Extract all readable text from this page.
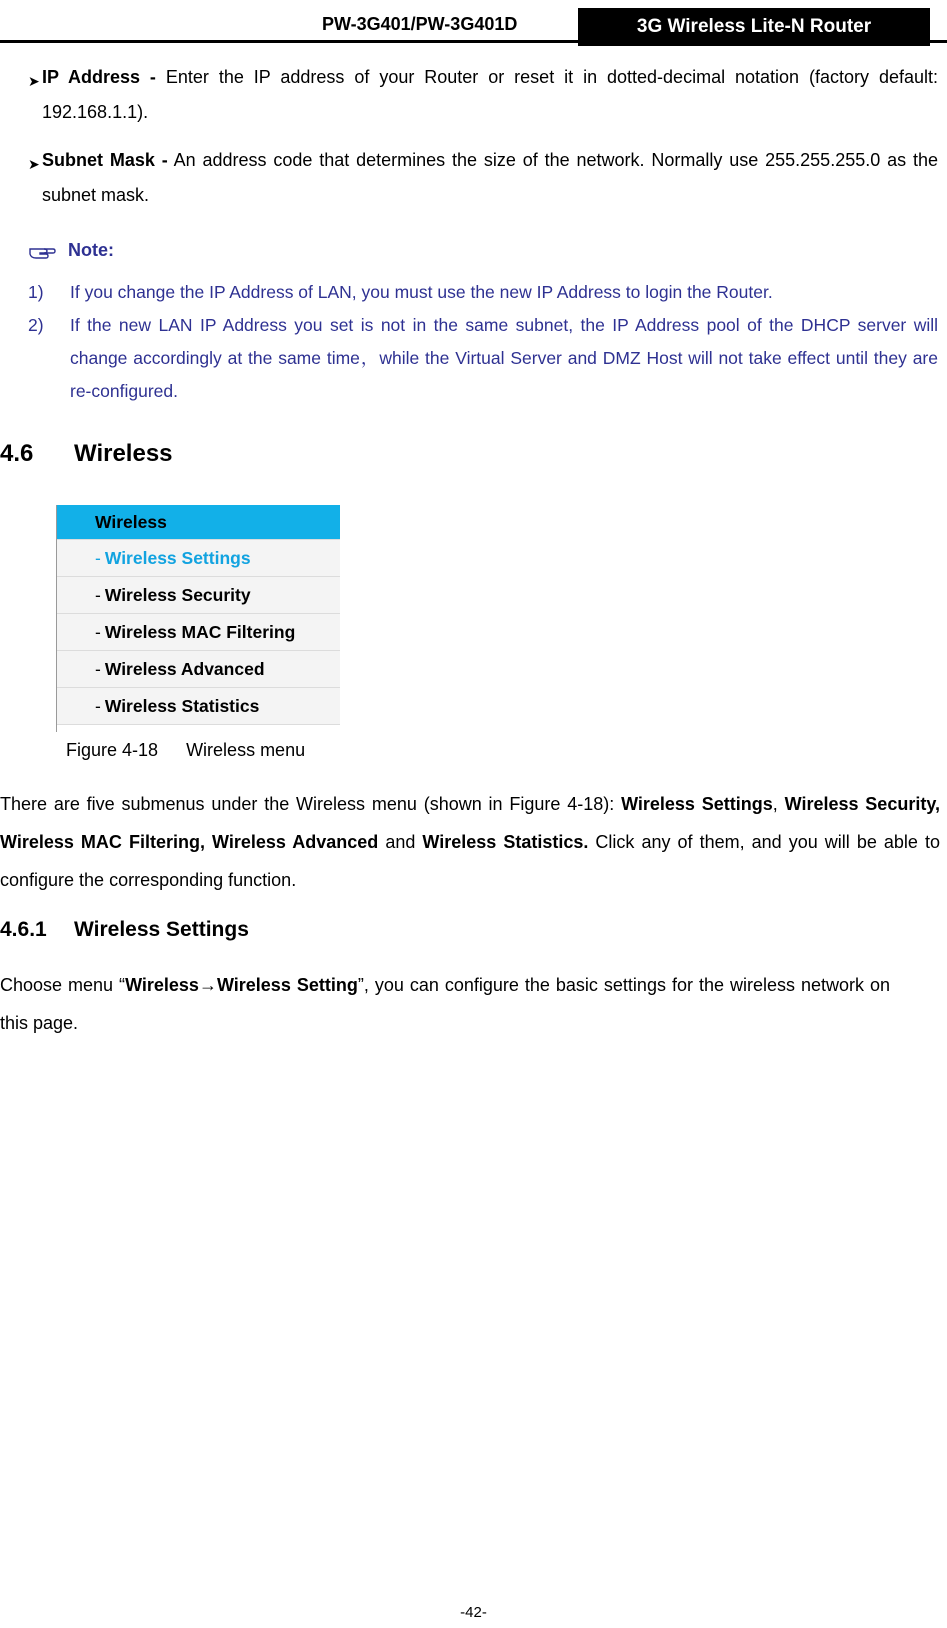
PW-3G401/PW-3G401D	3G Wireless Lite-N Router
➤ IP Address - Enter the IP address of your Router or reset it in dotted-decimal notation (factory default: 192.168.1.1).
➤ Subnet Mask - An address code that determines the size of the network. Normally use 255.255.255.0 as the subnet mask.
Note:
1) If you change the IP Address of LAN, you must use the new IP Address to login the Router.
2) If the new LAN IP Address you set is not in the same subnet, the IP Address pool of the DHCP server will change accordingly at the same time，while the Virtual Server and DMZ Host will not take effect until they are re-configured.
4.6 Wireless
Wireless
- Wireless Settings
- Wireless Security
- Wireless MAC Filtering
- Wireless Advanced
- Wireless Statistics
Figure 4-18 Wireless menu
There are five submenus under the Wireless menu (shown in Figure 4-18): Wireless Settings, Wireless Security, Wireless MAC Filtering, Wireless Advanced and Wireless Statistics. Click any of them, and you will be able to configure the corresponding function.
4.6.1 Wireless Settings
Choose menu “Wireless→Wireless Setting”, you can configure the basic settings for the wireless network on this page.
-42-
